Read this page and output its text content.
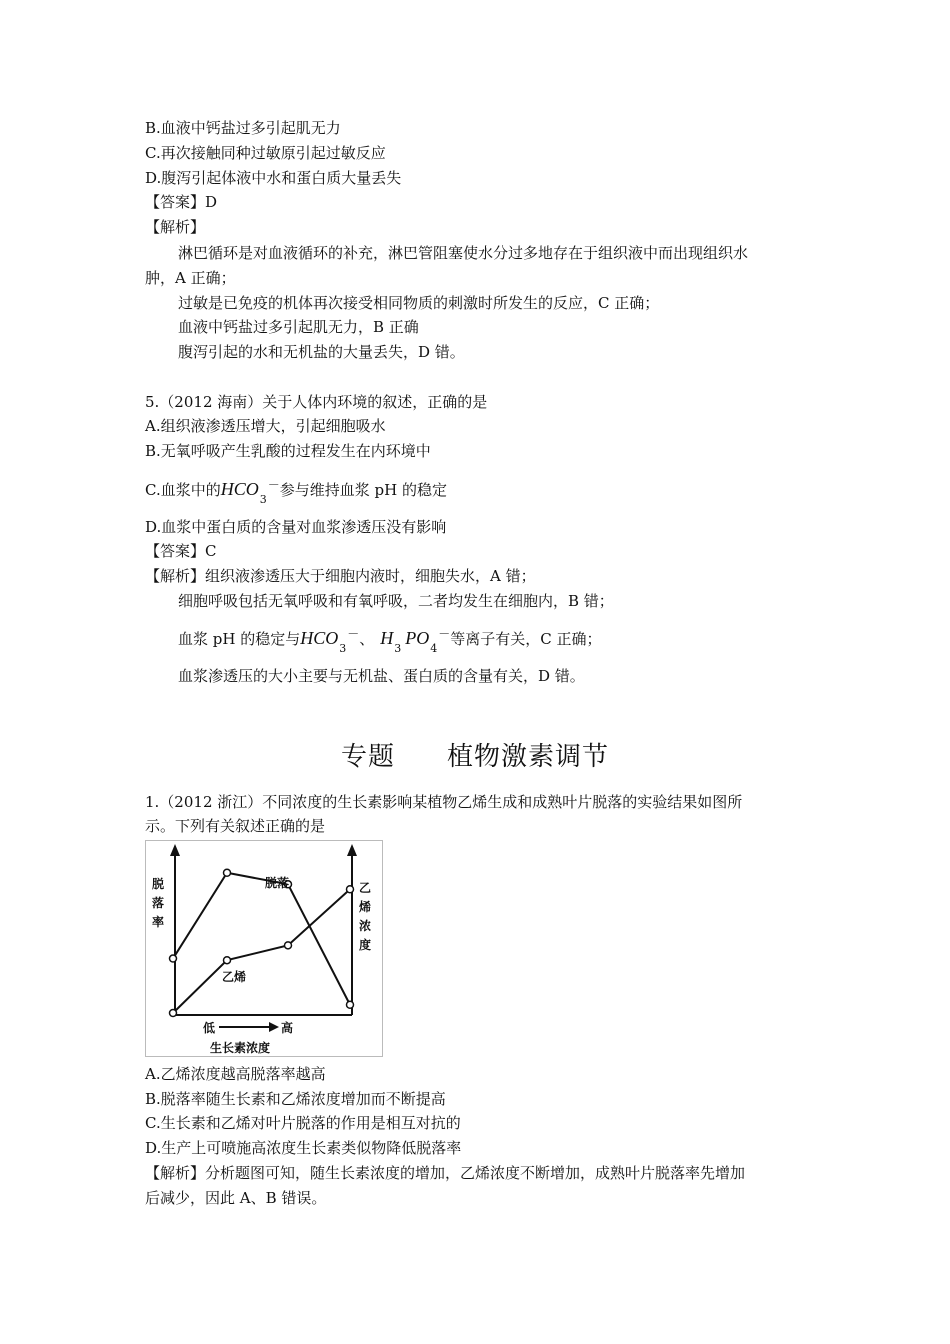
B.血液中钙盐过多引起肌无力
C.再次接触同种过敏原引起过敏反应
D.腹泻引起体液中水和蛋白质大量丢失
【答案】D
【解析】
淋巴循环是对血液循环的补充，淋巴管阻塞使水分过多地存在于组织液中而出现组织水
肿，A 正确；
过敏是已免疫的机体再次接受相同物质的刺激时所发生的反应，C 正确；
血液中钙盐过多引起肌无力，B 正确
腹泻引起的水和无机盐的大量丢失，D 错。
5.（2012 海南）关于人体内环境的叙述，正确的是
A.组织液渗透压增大，引起细胞吸水
B.无氧呼吸产生乳酸的过程发生在内环境中
C.血浆中的$HCO_3^-$参与维持血浆 pH 的稳定
D.血浆中蛋白质的含量对血浆渗透压没有影响
【答案】C
【解析】组织液渗透压大于细胞内液时，细胞失水，A 错；
细胞呼吸包括无氧呼吸和有氧呼吸，二者均发生在细胞内，B 错；
血浆 pH 的稳定与$HCO_3^-$、 $H_3PO_4^-$等离子有关，C 正确；
血浆渗透压的大小主要与无机盐、蛋白质的含量有关，D 错。
专题 植物激素调节
1.（2012 浙江）不同浓度的生长素影响某植物乙烯生成和成熟叶片脱落的实验结果如图所
示。下列有关叙述正确的是
脱落率
乙烯浓度
脱落
乙烯
低	高
生长素浓度
A.乙烯浓度越高脱落率越高
B.脱落率随生长素和乙烯浓度增加而不断提高
C.生长素和乙烯对叶片脱落的作用是相互对抗的
D.生产上可喷施高浓度生长素类似物降低脱落率
【解析】分析题图可知，随生长素浓度的增加，乙烯浓度不断增加，成熟叶片脱落率先增加
后减少，因此 A、B 错误。
